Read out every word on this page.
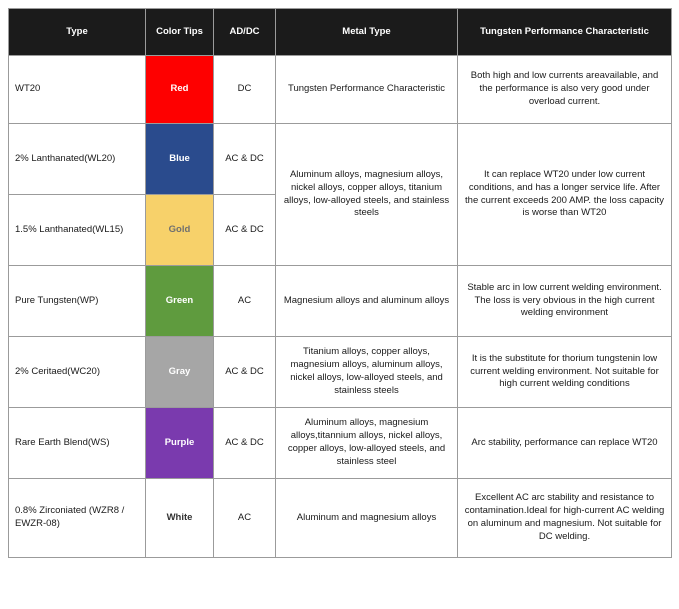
Type	Color Tips	AD/DC	Metal Type	Tungsten Performance Characteristic
WT20	Red	DC	Tungsten Performance Characteristic	Both high and low currents areavailable, and the performance is also very good under overload current.
2% Lanthanated(WL20)	Blue	AC & DC	Aluminum alloys, magnesium alloys, nickel alloys, copper alloys, titanium alloys, low-alloyed steels, and stainless steels	It can replace WT20 under low current conditions, and has a longer service life. After the current exceeds 200 AMP. the loss capacity is worse than WT20
1.5% Lanthanated(WL15)	Gold	AC & DC		
Pure Tungsten(WP)	Green	AC	Magnesium alloys and aluminum alloys	Stable arc in low current welding environment. The loss is very obvious in the high current welding environment
2% Ceritaed(WC20)	Gray	AC & DC	Titanium alloys, copper alloys, magnesium alloys, aluminum alloys, nickel alloys, low-alloyed steels, and stainless steels	It is the substitute for thorium tungstenin low current welding environment. Not suitable for high current welding conditions
Rare Earth Blend(WS)	Purple	AC & DC	Aluminum alloys, magnesium alloys,titannium alloys, nickel alloys, copper alloys, low-alloyed steels, and stainless steel	Arc stability, performance can replace WT20
0.8% Zirconiated (WZR8 / EWZR-08)	White	AC	Aluminum and magnesium alloys	Excellent AC arc stability and resistance to contamination.Ideal for high-current AC welding on aluminum and magnesium. Not suitable for DC welding.
